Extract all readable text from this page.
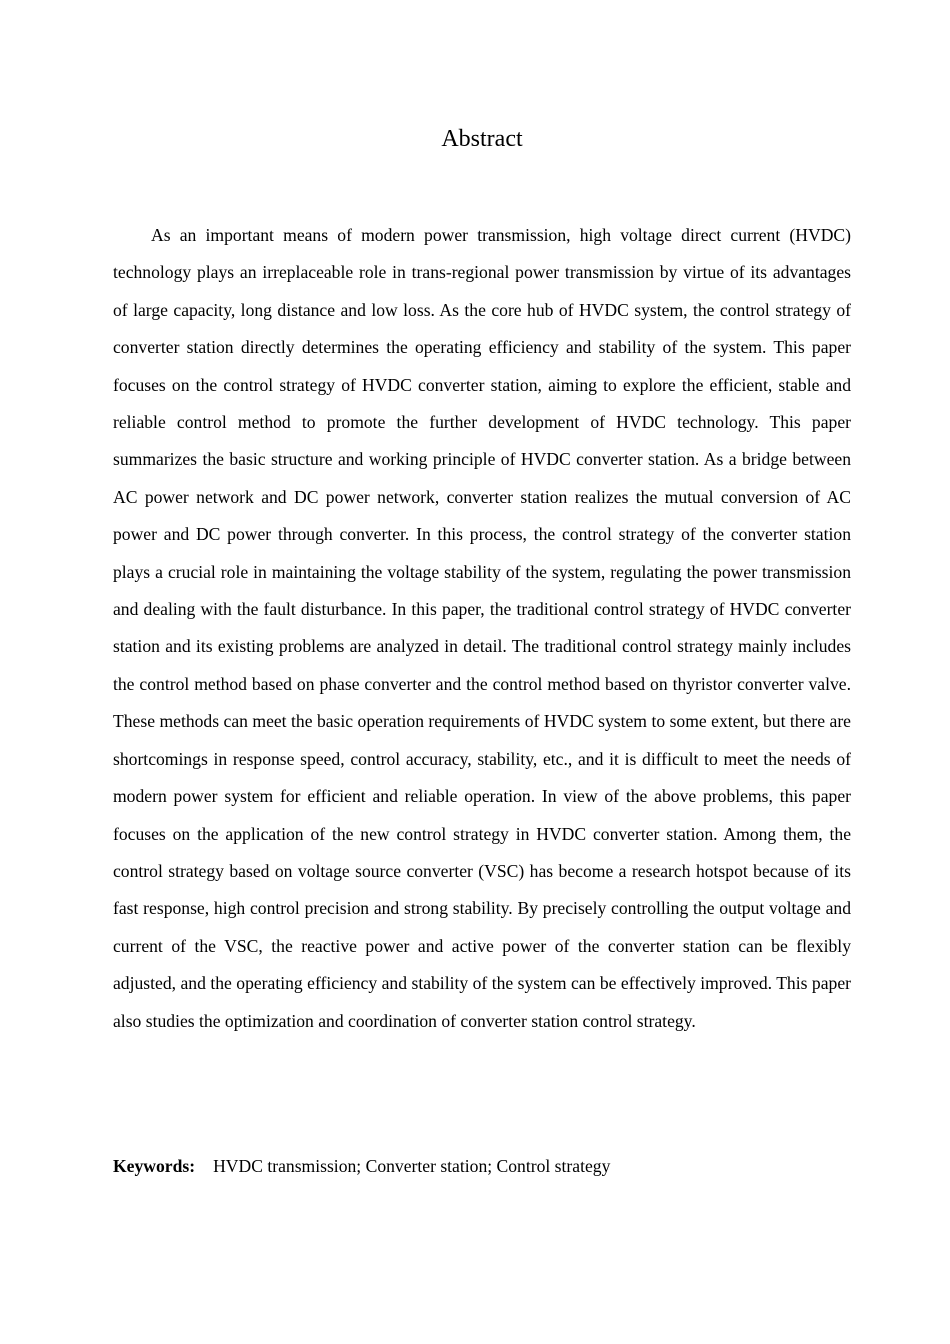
Abstract

As an important means of modern power transmission, high voltage direct current (HVDC) technology plays an irreplaceable role in trans-regional power transmission by virtue of its advantages of large capacity, long distance and low loss. As the core hub of HVDC system, the control strategy of converter station directly determines the operating efficiency and stability of the system. This paper focuses on the control strategy of HVDC converter station, aiming to explore the efficient, stable and reliable control method to promote the further development of HVDC technology. This paper summarizes the basic structure and working principle of HVDC converter station. As a bridge between AC power network and DC power network, converter station realizes the mutual conversion of AC power and DC power through converter. In this process, the control strategy of the converter station plays a crucial role in maintaining the voltage stability of the system, regulating the power transmission and dealing with the fault disturbance. In this paper, the traditional control strategy of HVDC converter station and its existing problems are analyzed in detail. The traditional control strategy mainly includes the control method based on phase converter and the control method based on thyristor converter valve. These methods can meet the basic operation requirements of HVDC system to some extent, but there are shortcomings in response speed, control accuracy, stability, etc., and it is difficult to meet the needs of modern power system for efficient and reliable operation. In view of the above problems, this paper focuses on the application of the new control strategy in HVDC converter station. Among them, the control strategy based on voltage source converter (VSC) has become a research hotspot because of its fast response, high control precision and strong stability. By precisely controlling the output voltage and current of the VSC, the reactive power and active power of the converter station can be flexibly adjusted, and the operating efficiency and stability of the system can be effectively improved. This paper also studies the optimization and coordination of converter station control strategy.

Keywords: HVDC transmission; Converter station; Control strategy
